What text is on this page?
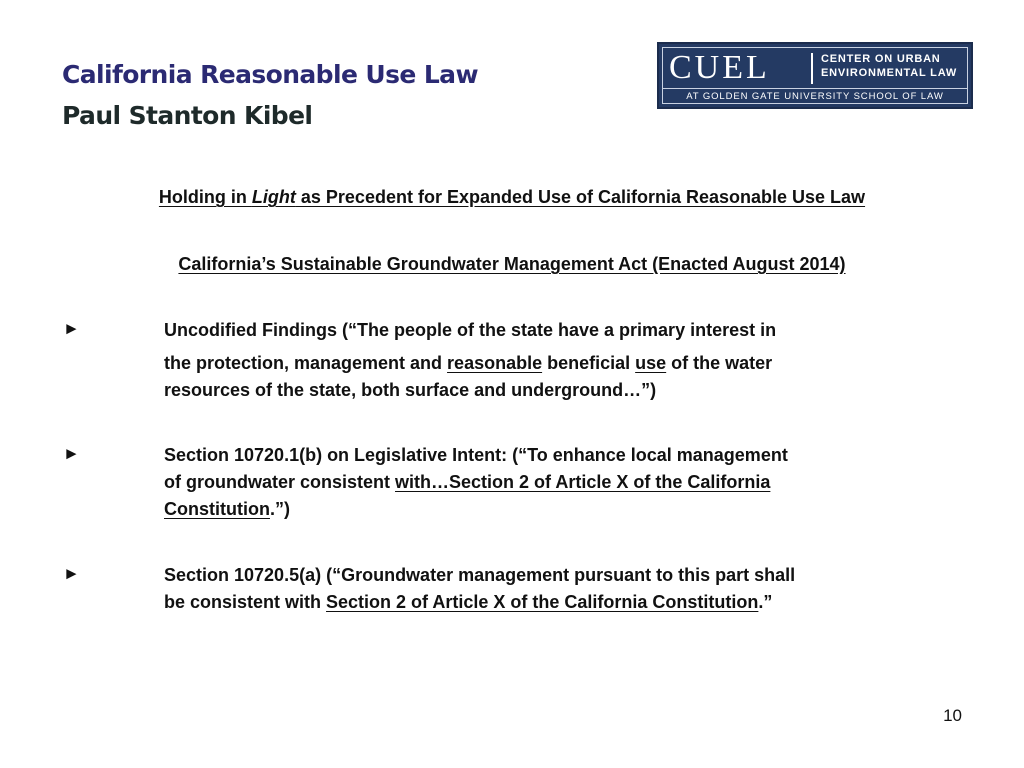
California Reasonable Use Law
Paul Stanton Kibel
CUEL	CENTER ON URBAN
ENVIRONMENTAL LAW
AT GOLDEN GATE UNIVERSITY SCHOOL OF LAW
Holding in Light as Precedent for Expanded Use of California Reasonable Use Law
California’s Sustainable Groundwater Management Act (Enacted August 2014)
►	Uncodified Findings (“The people of the state have a primary interest in
the protection, management and reasonable beneficial use of the water
resources of the state, both surface and underground…”)
►	Section 10720.1(b) on Legislative Intent: (“To enhance local management
of groundwater consistent with…Section 2 of Article X of the California
Constitution.”)
►	Section 10720.5(a) (“Groundwater management pursuant to this part shall
be consistent with Section 2 of Article X of the California Constitution.”
10
